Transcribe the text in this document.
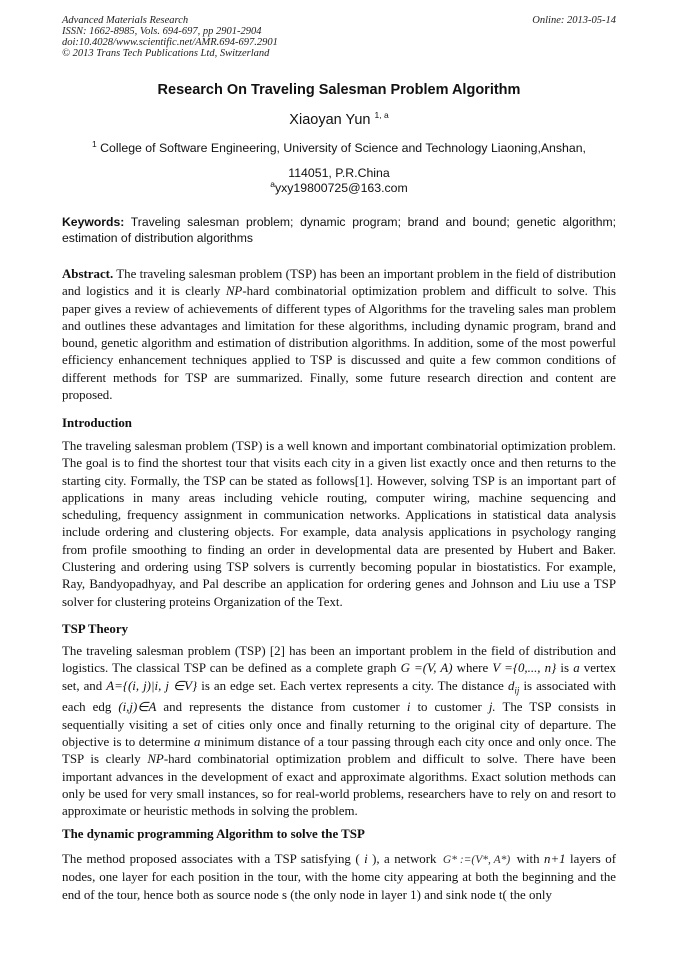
Advanced Materials Research
ISSN: 1662-8985, Vols. 694-697, pp 2901-2904
doi:10.4028/www.scientific.net/AMR.694-697.2901
© 2013 Trans Tech Publications Ltd, Switzerland
Online: 2013-05-14
Research On Traveling Salesman Problem Algorithm
Xiaoyan Yun $^{1, a}$
$^1$ College of Software Engineering, University of Science and Technology Liaoning,Anshan,
114051, P.R.China
$^a$yxy19800725@163.com
Keywords: Traveling salesman problem; dynamic program; brand and bound; genetic algorithm; estimation of distribution algorithms

Abstract. The traveling salesman problem (TSP) has been an important problem in the field of distribution and logistics and it is clearly NP-hard combinatorial optimization problem and difficult to solve. This paper gives a review of achievements of different types of Algorithms for the traveling sales man problem and outlines these advantages and limitation for these algorithms, including dynamic program, brand and bound, genetic algorithm and estimation of distribution algorithms. In addition, some of the most powerful efficiency enhancement techniques applied to TSP is discussed and quite a few common conditions of different methods for TSP are summarized. Finally, some future research direction and content are proposed.

Introduction

The traveling salesman problem (TSP) is a well known and important combinatorial optimization problem. The goal is to find the shortest tour that visits each city in a given list exactly once and then returns to the starting city. Formally, the TSP can be stated as follows[1]. However, solving TSP is an important part of applications in many areas including vehicle routing, computer wiring, machine sequencing and scheduling, frequency assignment in communication networks. Applications in statistical data analysis include ordering and clustering objects. For example, data analysis applications in psychology ranging from profile smoothing to finding an order in developmental data are presented by Hubert and Baker. Clustering and ordering using TSP solvers is currently becoming popular in biostatistics. For example, Ray, Bandyopadhyay, and Pal describe an application for ordering genes and Johnson and Liu use a TSP solver for clustering proteins Organization of the Text.

TSP Theory

The traveling salesman problem (TSP) [2] has been an important problem in the field of distribution and logistics. The classical TSP can be defined as a complete graph G =(V, A) where V ={0,..., n} is a vertex set, and A={(i, j)|i, j ∈V} is an edge set. Each vertex represents a city. The distance $d_{ij}$ is associated with each edg (i,j)∈A and represents the distance from customer i to customer j. The TSP consists in sequentially visiting a set of cities only once and finally returning to the original city of departure. The objective is to determine a minimum distance of a tour passing through each city once and only once. The TSP is clearly NP-hard combinatorial optimization problem and difficult to solve. There have been important advances in the development of exact and approximate algorithms. Exact solution methods can only be used for very small instances, so for real-world problems, researchers have to rely on and resort to approximate or heuristic methods in solving the problem.

The dynamic programming Algorithm to solve the TSP

The method proposed associates with a TSP satisfying ( i ), a network G* :=(V*, A*) with n+1 layers of nodes, one layer for each position in the tour, with the home city appearing at both the beginning and the end of the tour, hence both as source node s (the only node in layer 1) and sink node t( the only
